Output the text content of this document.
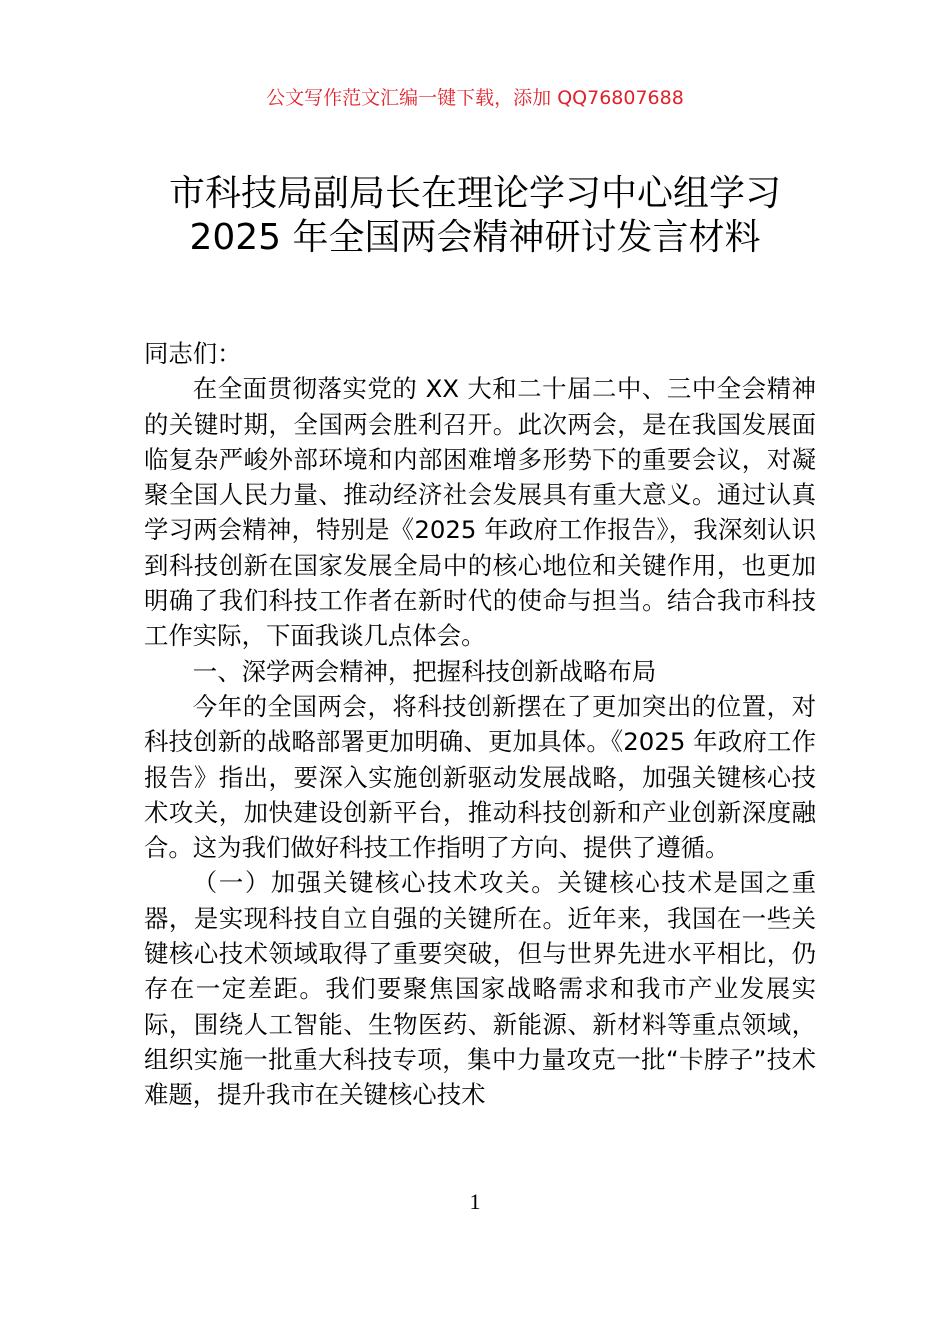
公文写作范文汇编一键下载，添加 QQ76807688
市科技局副局长在理论学习中心组学习
2025 年全国两会精神研讨发言材料

同志们：

在全面贯彻落实党的 XX 大和二十届二中、三中全会精神的关键时期，全国两会胜利召开。此次两会，是在我国发展面临复杂严峻外部环境和内部困难增多形势下的重要会议，对凝聚全国人民力量、推动经济社会发展具有重大意义。通过认真学习两会精神，特别是《2025 年政府工作报告》，我深刻认识到科技创新在国家发展全局中的核心地位和关键作用，也更加明确了我们科技工作者在新时代的使命与担当。结合我市科技工作实际，下面我谈几点体会。

一、深学两会精神，把握科技创新战略布局

今年的全国两会，将科技创新摆在了更加突出的位置，对科技创新的战略部署更加明确、更加具体。《2025 年政府工作报告》指出，要深入实施创新驱动发展战略，加强关键核心技术攻关，加快建设创新平台，推动科技创新和产业创新深度融合。这为我们做好科技工作指明了方向、提供了遵循。

（一）加强关键核心技术攻关。关键核心技术是国之重器，是实现科技自立自强的关键所在。近年来，我国在一些关键核心技术领域取得了重要突破，但与世界先进水平相比，仍存在一定差距。我们要聚焦国家战略需求和我市产业发展实际，围绕人工智能、生物医药、新能源、新材料等重点领域，组织实施一批重大科技专项，集中力量攻克一批“卡脖子”技术难题，提升我市在关键核心技术

1
